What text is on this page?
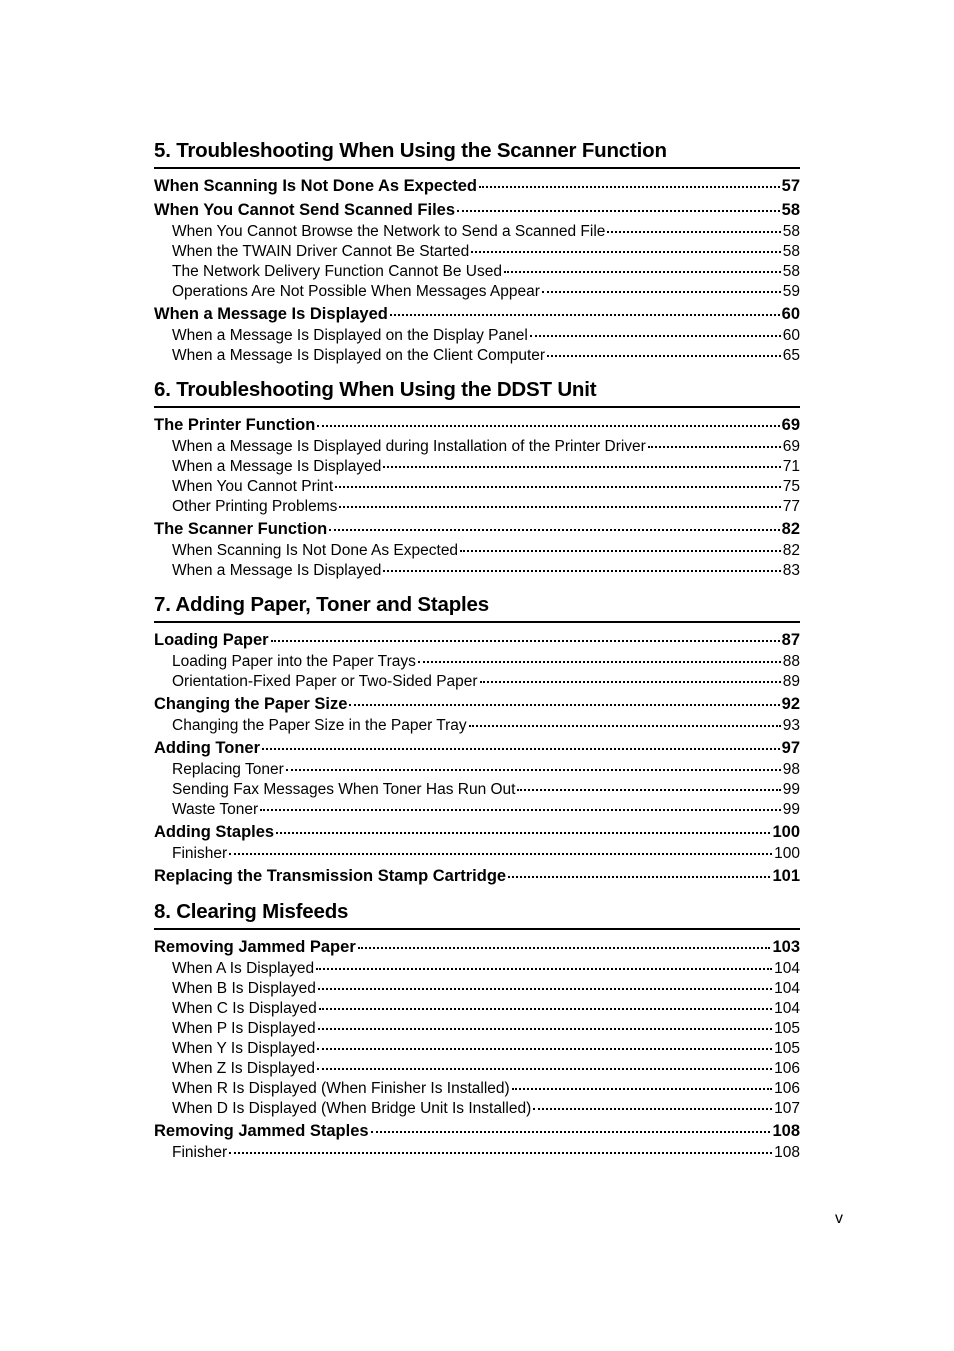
5. Troubleshooting When Using the Scanner Function
When Scanning Is Not Done As Expected	57
When You Cannot Send Scanned Files	58
When You Cannot Browse the Network to Send a Scanned File	58
When the TWAIN Driver Cannot Be Started	58
The Network Delivery Function Cannot Be Used	58
Operations Are Not Possible When Messages Appear	59
When a Message Is Displayed	60
When a Message Is Displayed on the Display Panel	60
When a Message Is Displayed on the Client Computer	65
6. Troubleshooting When Using the DDST Unit
The Printer Function	69
When a Message Is Displayed during Installation of the Printer Driver	69
When a Message Is Displayed	71
When You Cannot Print	75
Other Printing Problems	77
The Scanner Function	82
When Scanning Is Not Done As Expected	82
When a Message Is Displayed	83
7. Adding Paper, Toner and Staples
Loading Paper	87
Loading Paper into the Paper Trays	88
Orientation-Fixed Paper or Two-Sided Paper	89
Changing the Paper Size	92
Changing the Paper Size in the Paper Tray	93
Adding Toner	97
Replacing Toner	98
Sending Fax Messages When Toner Has Run Out	99
Waste Toner	99
Adding Staples	100
Finisher	100
Replacing the Transmission Stamp Cartridge	101
8. Clearing Misfeeds
Removing Jammed Paper	103
When A Is Displayed	104
When B Is Displayed	104
When C Is Displayed	104
When P Is Displayed	105
When Y Is Displayed	105
When Z Is Displayed	106
When R Is Displayed (When Finisher Is Installed)	106
When D Is Displayed (When Bridge Unit Is Installed)	107
Removing Jammed Staples	108
Finisher	108
v
